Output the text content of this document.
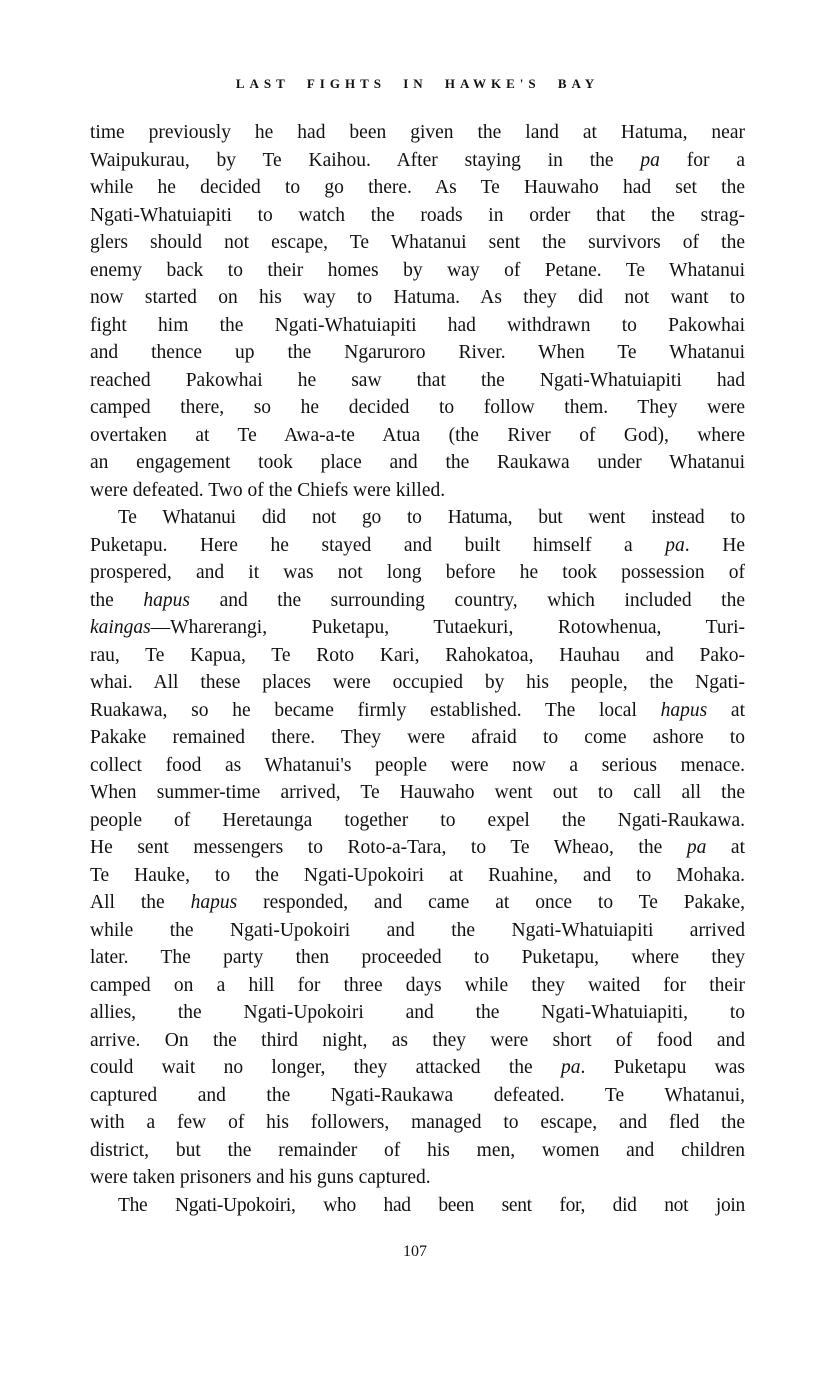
LAST FIGHTS IN HAWKE'S BAY
time previously he had been given the land at Hatuma, near
Waipukurau, by Te Kaihou. After staying in the pa for a
while he decided to go there. As Te Hauwaho had set the
Ngati-Whatuiapiti to watch the roads in order that the strag-
glers should not escape, Te Whatanui sent the survivors of the
enemy back to their homes by way of Petane. Te Whatanui
now started on his way to Hatuma. As they did not want to
fight him the Ngati-Whatuiapiti had withdrawn to Pakowhai
and thence up the Ngaruroro River. When Te Whatanui
reached Pakowhai he saw that the Ngati-Whatuiapiti had
camped there, so he decided to follow them. They were
overtaken at Te Awa-a-te Atua (the River of God), where
an engagement took place and the Raukawa under Whatanui
were defeated. Two of the Chiefs were killed.
Te Whatanui did not go to Hatuma, but went instead to
Puketapu. Here he stayed and built himself a pa. He
prospered, and it was not long before he took possession of
the hapus and the surrounding country, which included the
kaingas—Wharerangi, Puketapu, Tutaekuri, Rotowhenua, Turi-
rau, Te Kapua, Te Roto Kari, Rahokatoa, Hauhau and Pako-
whai. All these places were occupied by his people, the Ngati-
Ruakawa, so he became firmly established. The local hapus at
Pakake remained there. They were afraid to come ashore to
collect food as Whatanui's people were now a serious menace.
When summer-time arrived, Te Hauwaho went out to call all the
people of Heretaunga together to expel the Ngati-Raukawa.
He sent messengers to Roto-a-Tara, to Te Wheao, the pa at
Te Hauke, to the Ngati-Upokoiri at Ruahine, and to Mohaka.
All the hapus responded, and came at once to Te Pakake,
while the Ngati-Upokoiri and the Ngati-Whatuiapiti arrived
later. The party then proceeded to Puketapu, where they
camped on a hill for three days while they waited for their
allies, the Ngati-Upokoiri and the Ngati-Whatuiapiti, to
arrive. On the third night, as they were short of food and
could wait no longer, they attacked the pa. Puketapu was
captured and the Ngati-Raukawa defeated. Te Whatanui,
with a few of his followers, managed to escape, and fled the
district, but the remainder of his men, women and children
were taken prisoners and his guns captured.
The Ngati-Upokoiri, who had been sent for, did not join
107
